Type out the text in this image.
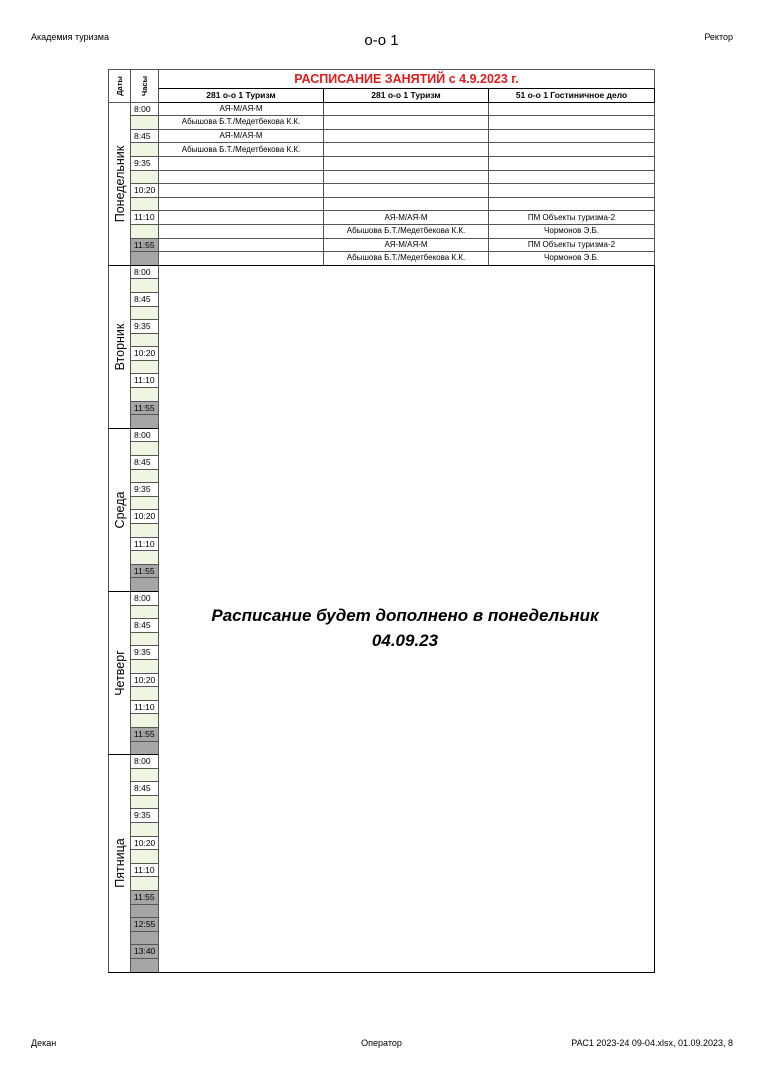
Академия туризма	о-о 1	Ректор
Даты	Часы	РАСПИСАНИЕ ЗАНЯТИЙ с 4.9.2023 г.		
		281 о-о 1 Туризм	281 о-о 1 Туризм	51 о-о 1 Гостиничное дело

Понедельник	8:00	АЯ-М/АЯ-М		
		Абышова Б.Т./Медетбекова К.К.		
	8:45	АЯ-М/АЯ-М		
		Абышова Б.Т./Медетбекова К.К.		
	9:35			

	10:20			

	11:10		АЯ-М/АЯ-М	ПМ Объекты туризма-2
			Абышова Б.Т./Медетбекова К.К.	Чормонов Э.Б.
	11:55		АЯ-М/АЯ-М	ПМ Объекты туризма-2
			Абышова Б.Т./Медетбекова К.К.	Чормонов Э.Б.

Вторник	8:00	Расписание будет дополнено в понедельник
04.09.23		

	8:45			

	9:35			

	10:20			

	11:10			

	11:55			

Среда	8:00			

	8:45			

	9:35			

	10:20			

	11:10			

	11:55			

Четверг	8:00			

	8:45			

	9:35			

	10:20			

	11:10			

	11:55			

Пятница	8:00			

	8:45			

	9:35			

	10:20			

	11:10			

	11:55			

	12:55			

	13:40			

Декан	Оператор	РАС1 2023-24 09-04.xlsx, 01.09.2023, 8
